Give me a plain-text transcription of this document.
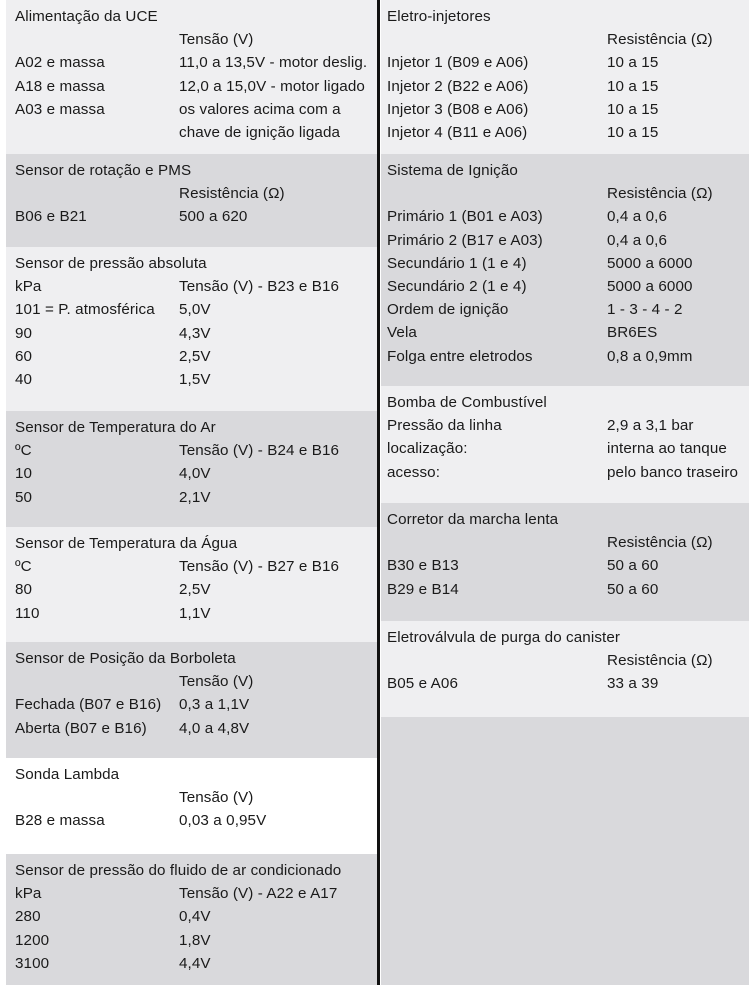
Alimentação da UCE
Tensão (V)
A02 e massa	11,0 a 13,5V - motor deslig.
A18 e massa	12,0 a 15,0V - motor ligado
A03 e massa	os valores acima com a
chave de ignição ligada
Sensor de rotação e PMS
Resistência (Ω)
B06 e B21	500 a 620
Sensor de pressão absoluta
kPa	Tensão (V) - B23 e B16
101 = P. atmosférica	5,0V
90	4,3V
60	2,5V
40	1,5V
Sensor de Temperatura do Ar
ºC	Tensão (V) - B24 e B16
10	4,0V
50	2,1V
Sensor de Temperatura da Água
ºC	Tensão (V) - B27 e B16
80	2,5V
110	1,1V
Sensor de Posição da Borboleta
Tensão (V)
Fechada (B07 e B16)	0,3 a 1,1V
Aberta (B07 e B16)	4,0 a 4,8V
Sonda Lambda
Tensão (V)
B28 e massa	0,03 a 0,95V
Sensor de pressão do fluido de ar condicionado
kPa	Tensão (V) - A22 e A17
280	0,4V
1200	1,8V
3100	4,4V
Eletro-injetores
Resistência (Ω)
Injetor 1 (B09 e A06)	10 a 15
Injetor 2 (B22 e A06)	10 a 15
Injetor 3 (B08 e A06)	10 a 15
Injetor 4 (B11 e A06)	10 a 15
Sistema de Ignição
Resistência (Ω)
Primário 1 (B01 e A03)	0,4 a 0,6
Primário 2 (B17 e A03)	0,4 a 0,6
Secundário 1 (1 e 4)	5000 a 6000
Secundário 2 (1 e 4)	5000 a 6000
Ordem de ignição	1 - 3 - 4 - 2
Vela	BR6ES
Folga entre eletrodos	0,8 a 0,9mm
Bomba de Combustível
Pressão da linha	2,9 a 3,1 bar
localização:	interna ao tanque
acesso:	pelo banco traseiro
Corretor da marcha lenta
Resistência (Ω)
B30 e B13	50 a 60
B29 e B14	50 a 60
Eletroválvula de purga do canister
Resistência (Ω)
B05 e A06	33 a 39
